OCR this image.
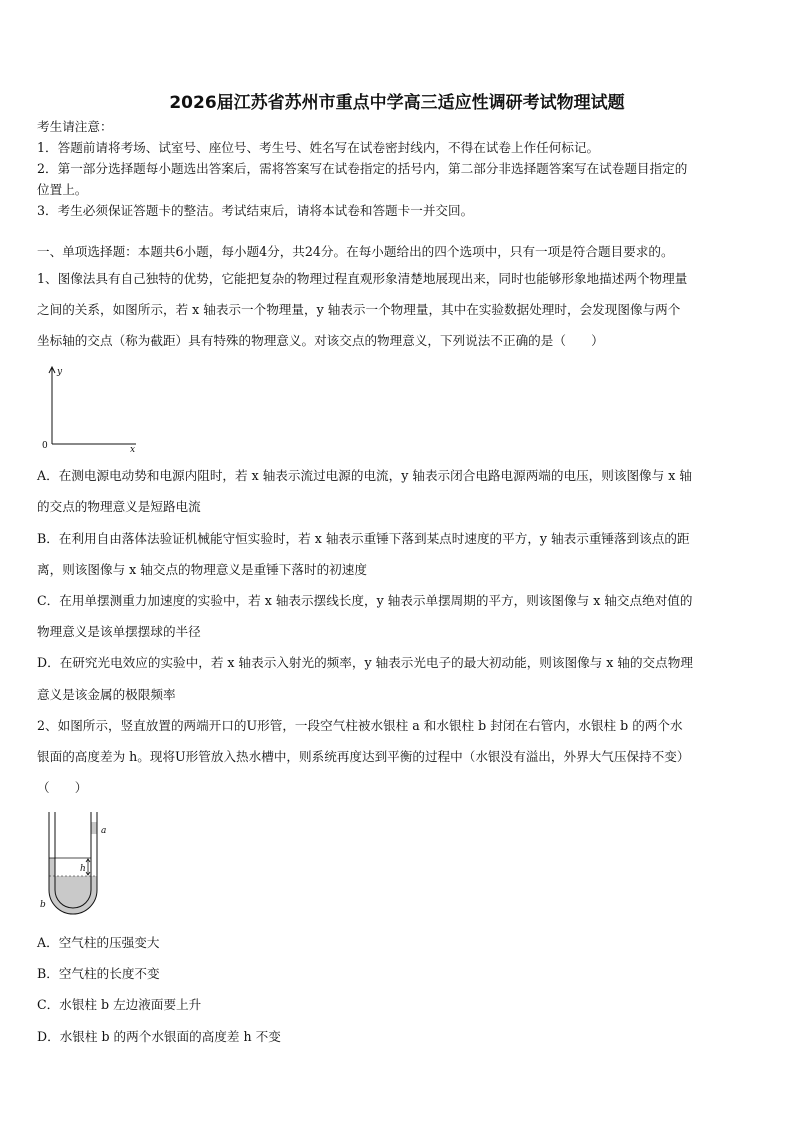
2026届江苏省苏州市重点中学高三适应性调研考试物理试题
考生请注意：
1．答题前请将考场、试室号、座位号、考生号、姓名写在试卷密封线内，不得在试卷上作任何标记。
2．第一部分选择题每小题选出答案后，需将答案写在试卷指定的括号内，第二部分非选择题答案写在试卷题目指定的
位置上。
3．考生必须保证答题卡的整洁。考试结束后，请将本试卷和答题卡一并交回。
一、单项选择题：本题共6小题，每小题4分，共24分。在每小题给出的四个选项中，只有一项是符合题目要求的。
1、图像法具有自己独特的优势，它能把复杂的物理过程直观形象清楚地展现出来，同时也能够形象地描述两个物理量
之间的关系，如图所示，若 x 轴表示一个物理量，y 轴表示一个物理量，其中在实验数据处理时，会发现图像与两个
坐标轴的交点（称为截距）具有特殊的物理意义。对该交点的物理意义，下列说法不正确的是（　　）
y
x
0
A．在测电源电动势和电源内阻时，若 x 轴表示流过电源的电流，y 轴表示闭合电路电源两端的电压，则该图像与 x 轴
的交点的物理意义是短路电流
B．在利用自由落体法验证机械能守恒实验时，若 x 轴表示重锤下落到某点时速度的平方，y 轴表示重锤落到该点的距
离，则该图像与 x 轴交点的物理意义是重锤下落时的初速度
C．在用单摆测重力加速度的实验中，若 x 轴表示摆线长度，y 轴表示单摆周期的平方，则该图像与 x 轴交点绝对值的
物理意义是该单摆摆球的半径
D．在研究光电效应的实验中，若 x 轴表示入射光的频率，y 轴表示光电子的最大初动能，则该图像与 x 轴的交点物理
意义是该金属的极限频率
2、如图所示，竖直放置的两端开口的U形管，一段空气柱被水银柱 a 和水银柱 b 封闭在右管内，水银柱 b 的两个水
银面的高度差为 h。现将U形管放入热水槽中，则系统再度达到平衡的过程中（水银没有溢出，外界大气压保持不变）
（　　）
h
a
b
A．空气柱的压强变大
B．空气柱的长度不变
C．水银柱 b 左边液面要上升
D．水银柱 b 的两个水银面的高度差 h 不变
